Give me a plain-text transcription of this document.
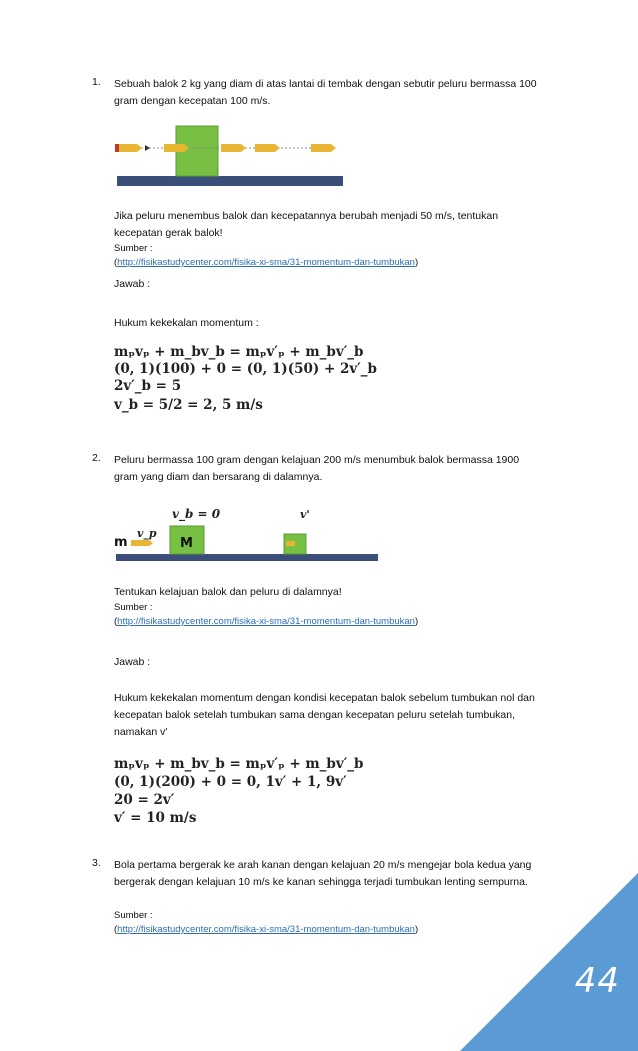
1. Sebuah balok 2 kg yang diam di atas lantai di tembak dengan sebutir peluru bermassa 100 gram dengan kecepatan 100 m/s.
Jika peluru menembus balok dan kecepatannya berubah menjadi 50 m/s, tentukan kecepatan gerak balok!
Sumber :
(http://fisikastudycenter.com/fisika-xi-sma/31-momentum-dan-tumbukan)
Jawab :
Hukum kekekalan momentum :
mₚvₚ + m_bv_b = mₚv′ₚ + m_bv′_b
(0, 1)(100) + 0 = (0, 1)(50) + 2v′_b
2v′_b = 5
v_b = 5/2 = 2, 5 m/s
2. Peluru bermassa 100 gram dengan kelajuan 200 m/s menumbuk balok bermassa 1900 gram yang diam dan bersarang di dalamnya.
v_b = 0	v'
M
m
v_p
Tentukan kelajuan balok dan peluru di dalamnya!
Sumber :
(http://fisikastudycenter.com/fisika-xi-sma/31-momentum-dan-tumbukan)
Jawab :
Hukum kekekalan momentum dengan kondisi kecepatan balok sebelum tumbukan nol dan kecepatan balok setelah tumbukan sama dengan kecepatan peluru setelah tumbukan, namakan v'
mₚvₚ + m_bv_b = mₚv′ₚ + m_bv′_b
(0, 1)(200) + 0 = 0, 1v′ + 1, 9v′
20 = 2v′
v′ = 10 m/s
3. Bola pertama bergerak ke arah kanan dengan kelajuan 20 m/s mengejar bola kedua yang bergerak dengan kelajuan 10 m/s ke kanan sehingga terjadi tumbukan lenting sempurna.
Sumber :
(http://fisikastudycenter.com/fisika-xi-sma/31-momentum-dan-tumbukan)
44
